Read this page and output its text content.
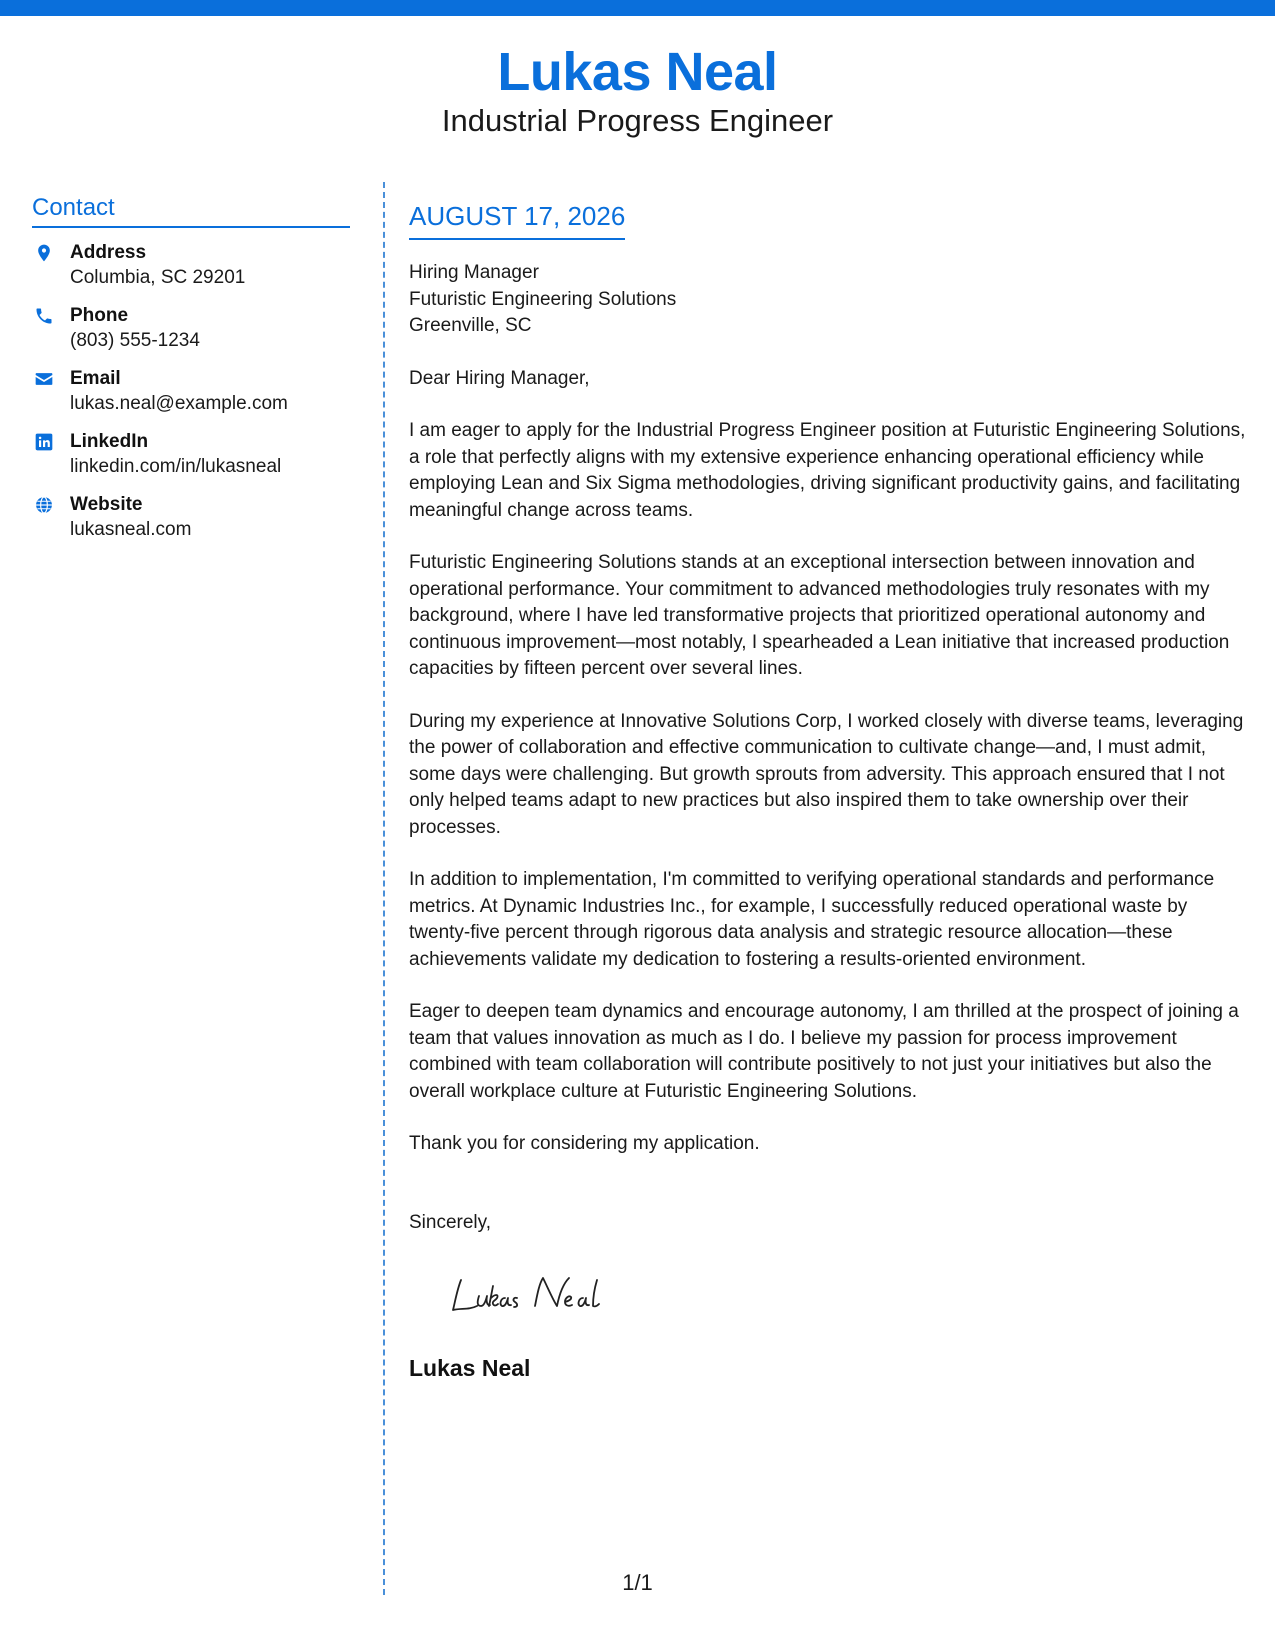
Lukas Neal
Industrial Progress Engineer
Contact
Address
Columbia, SC 29201
Phone
(803) 555-1234
Email
lukas.neal@example.com
LinkedIn
linkedin.com/in/lukasneal
Website
lukasneal.com
AUGUST 17, 2026
Hiring Manager
Futuristic Engineering Solutions
Greenville, SC
Dear Hiring Manager,
I am eager to apply for the Industrial Progress Engineer position at Futuristic Engineering Solutions, a role that perfectly aligns with my extensive experience enhancing operational efficiency while employing Lean and Six Sigma methodologies, driving significant productivity gains, and facilitating meaningful change across teams.
Futuristic Engineering Solutions stands at an exceptional intersection between innovation and operational performance. Your commitment to advanced methodologies truly resonates with my background, where I have led transformative projects that prioritized operational autonomy and continuous improvement—most notably, I spearheaded a Lean initiative that increased production capacities by fifteen percent over several lines.
During my experience at Innovative Solutions Corp, I worked closely with diverse teams, leveraging the power of collaboration and effective communication to cultivate change—and, I must admit, some days were challenging. But growth sprouts from adversity. This approach ensured that I not only helped teams adapt to new practices but also inspired them to take ownership over their processes.
In addition to implementation, I'm committed to verifying operational standards and performance metrics. At Dynamic Industries Inc., for example, I successfully reduced operational waste by twenty-five percent through rigorous data analysis and strategic resource allocation—these achievements validate my dedication to fostering a results-oriented environment.
Eager to deepen team dynamics and encourage autonomy, I am thrilled at the prospect of joining a team that values innovation as much as I do. I believe my passion for process improvement combined with team collaboration will contribute positively to not just your initiatives but also the overall workplace culture at Futuristic Engineering Solutions.
Thank you for considering my application.
Sincerely,
Lukas Neal
1/1
